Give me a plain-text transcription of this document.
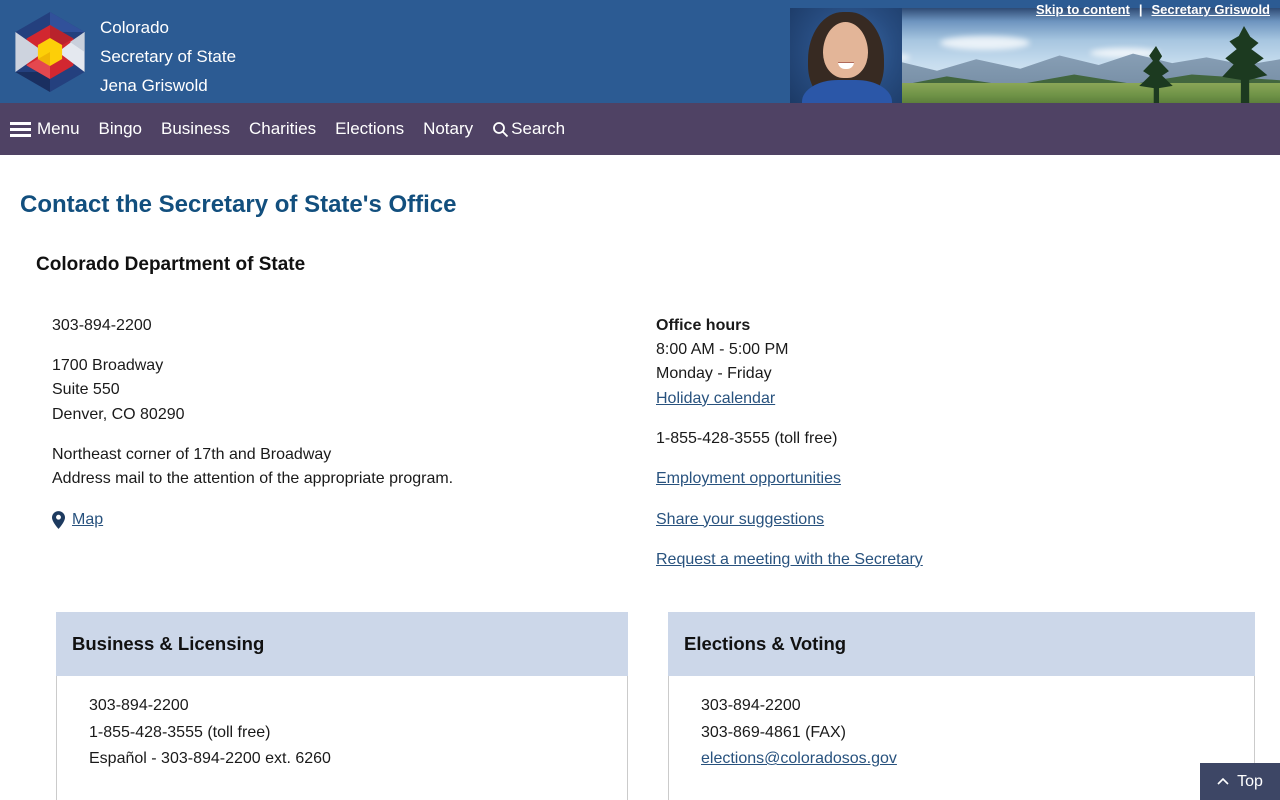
Skip to content | Secretary Griswold
Colorado
Secretary of State
Jena Griswold
Menu Bingo Business Charities Elections Notary Search
Contact the Secretary of State's Office
Colorado Department of State

303-894-2200

1700 Broadway
Suite 550
Denver, CO 80290

Northeast corner of 17th and Broadway
Address mail to the attention of the appropriate program.

Map

Office hours
8:00 AM - 5:00 PM
Monday - Friday
Holiday calendar

1-855-428-3555 (toll free)

Employment opportunities

Share your suggestions

Request a meeting with the Secretary

Business & Licensing
303-894-2200
1-855-428-3555 (toll free)
Español - 303-894-2200 ext. 6260
Elections & Voting
303-894-2200
303-869-4861 (FAX)
elections@coloradosos.gov
Top
